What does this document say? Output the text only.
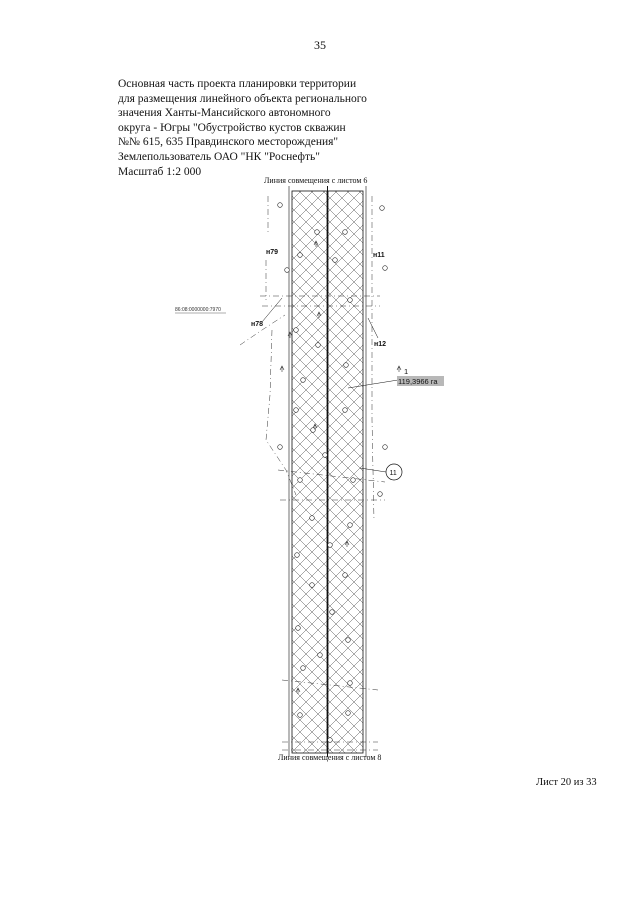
35
Основная часть проекта планировки территории
для размещения линейного объекта регионального
значения Ханты-Мансийского автономного
округа - Югры "Обустройство кустов скважин
№№ 615, 635 Правдинского месторождения"
Землепользователь ОАО "НК "Роснефть"
Масштаб 1:2 000
Линия совмещения с листом 6
н79	н11
н78
н12
86:08:0000000:7970
1
119,3966 га
11
Линия совмещения с листом 8
Лист 20 из 33
